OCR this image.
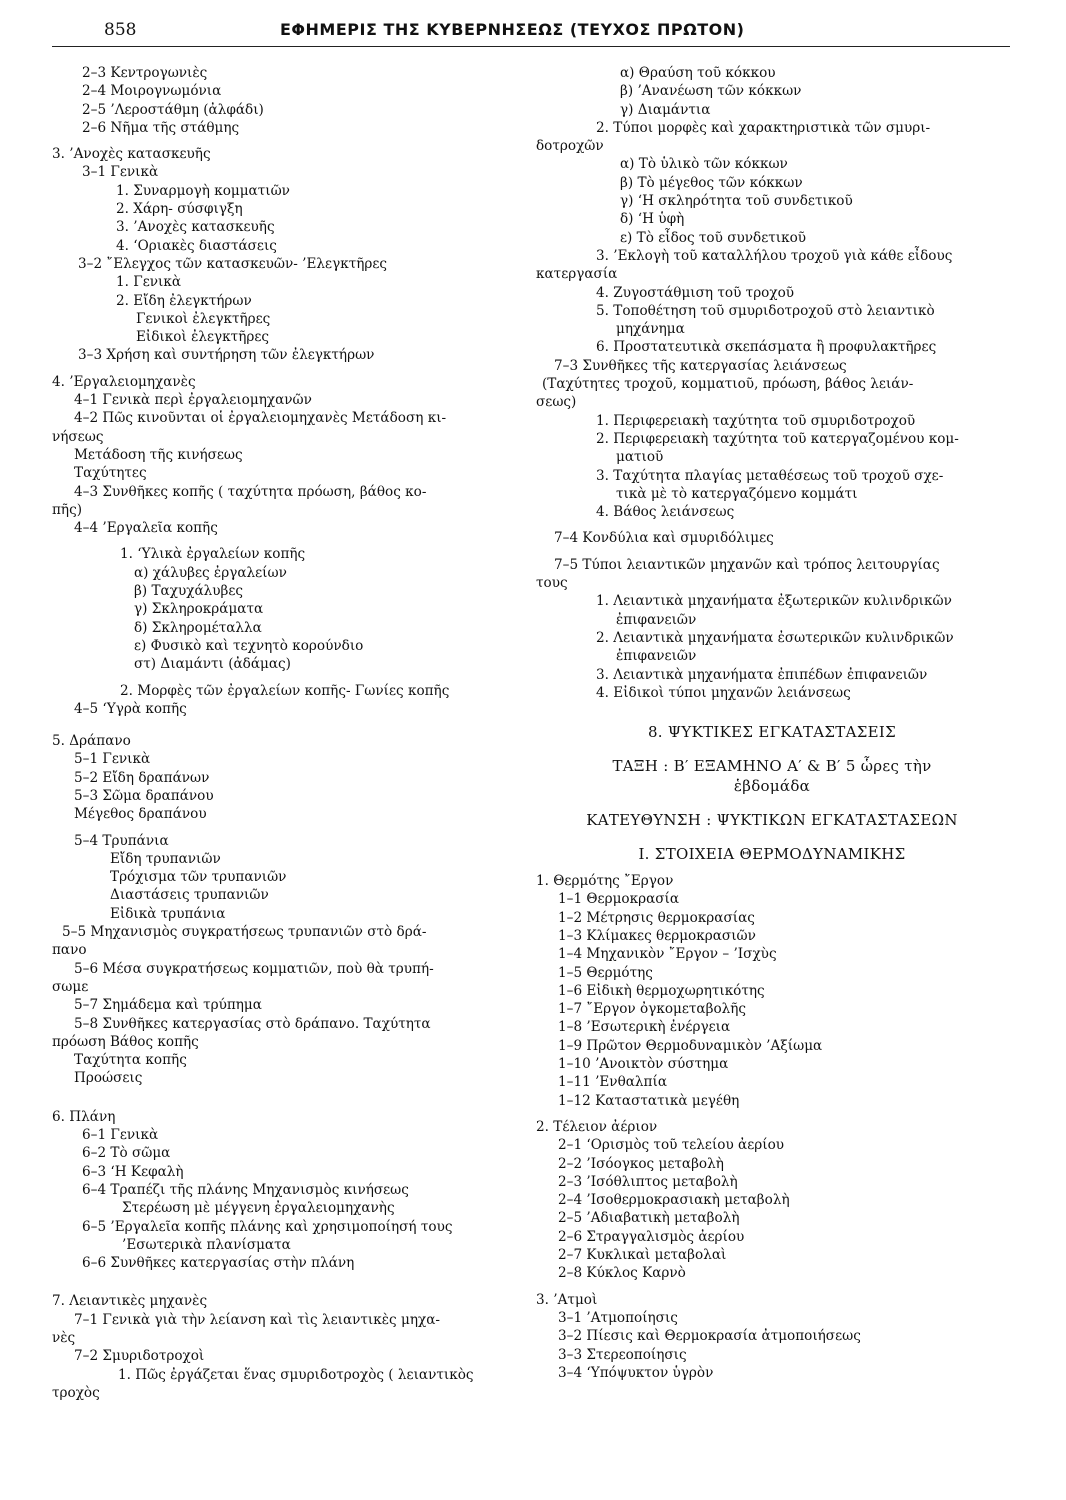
858	ΕΦΗΜΕΡΙΣ ΤΗΣ ΚΥΒΕΡΝΗΣΕΩΣ (ΤΕΥΧΟΣ ΠΡΩΤΟΝ)
2–3 Κεντρογωνιὲς
2–4 Μοιρογνωμόνια
2–5 ’Λεροστάθμη (ἀλφάδι)
2–6 Νῆμα τῆς στάθμης
3. ’Ανοχὲς κατασκευῆς
3–1 Γενικὰ
1. Συναρμογὴ κομματιῶν
2. Χάρη- σύσφιγξη
3. ’Ανοχὲς κατασκευῆς
4. ‘Οριακὲς διαστάσεις
3–2 ῎Ελεγχος τῶν κατασκευῶν- ’Ελεγκτῆρες
1. Γενικὰ
2. Εἴδη ἐλεγκτήρων
Γενικοὶ ἐλεγκτῆρες
Εἰδικοὶ ἐλεγκτῆρες
3–3 Χρήση καὶ συντήρηση τῶν ἐλεγκτήρων
4. ’Εργαλειομηχανὲς
4–1 Γενικὰ περὶ ἐργαλειομηχανῶν
4–2 Πῶς κινοῦνται οἱ ἐργαλειομηχανὲς Μετάδοση κι-
νήσεως
Μετάδοση τῆς κινήσεως
Ταχύτητες
4–3 Συνθῆκες κοπῆς ( ταχύτητα πρόωση, βάθος κο-
πῆς)
4–4 ’Εργαλεῖα κοπῆς
1. ‘Υλικὰ ἐργαλείων κοπῆς
α) χάλυβες ἐργαλείων
β) Ταχυχάλυβες
γ) Σκληροκράματα
δ) Σκληρομέταλλα
ε) Φυσικὸ καὶ τεχνητὸ κορούνδιο
στ) Διαμάντι (ἀδάμας)
2. Μορφὲς τῶν ἐργαλείων κοπῆς- Γωνίες κοπῆς
4–5 ‘Υγρὰ κοπῆς
5. Δράπανο
5–1 Γενικὰ
5–2 Εἴδη δραπάνων
5–3 Σῶμα δραπάνου
Μέγεθος δραπάνου
5–4 Τρυπάνια
Εἴδη τρυπανιῶν
Τρόχισμα τῶν τρυπανιῶν
Διαστάσεις τρυπανιῶν
Εἰδικὰ τρυπάνια
5–5 Μηχανισμὸς συγκρατήσεως τρυπανιῶν στὸ δρά-
πανο
5–6 Μέσα συγκρατήσεως κομματιῶν, ποὺ θὰ τρυπή-
σωμε
5–7 Σημάδεμα καὶ τρύπημα
5–8 Συνθῆκες κατεργασίας στὸ δράπανο. Ταχύτητα
πρόωση Βάθος κοπῆς
Ταχύτητα κοπῆς
Προώσεις
6. Πλάνη
6–1 Γενικὰ
6–2 Τὸ σῶμα
6–3 ‘Η Κεφαλὴ
6–4 Τραπέζι τῆς πλάνης Μηχανισμὸς κινήσεως
Στερέωση μὲ μέγγενη ἐργαλειομηχανὴς
6–5 ’Εργαλεῖα κοπῆς πλάνης καὶ χρησιμοποίησή τους
’Εσωτερικὰ πλανίσματα
6–6 Συνθῆκες κατεργασίας στὴν πλάνη
7. Λειαντικὲς μηχανὲς
7–1 Γενικὰ γιὰ τὴν λείανση καὶ τὶς λειαντικὲς μηχα-
νὲς
7–2 Σμυριδοτροχοὶ
1. Πῶς ἐργάζεται ἕνας σμυριδοτροχὸς ( λειαντικὸς
τροχὸς
α) Θραύση τοῦ κόκκου
β) ’Ανανέωση τῶν κόκκων
γ) Διαμάντια
2. Τύποι μορφὲς καὶ χαρακτηριστικὰ τῶν σμυρι-
δοτροχῶν
α) Τὸ ὑλικὸ τῶν κόκκων
β) Τὸ μέγεθος τῶν κόκκων
γ) ‘Η σκληρότητα τοῦ συνδετικοῦ
δ) ‘Η ὑφὴ
ε) Τὸ εἶδος τοῦ συνδετικοῦ
3. ’Εκλογὴ τοῦ καταλλήλου τροχοῦ γιὰ κάθε εἶδους
κατεργασία
4. Ζυγοστάθμιση τοῦ τροχοῦ
5. Τοποθέτηση τοῦ σμυριδοτροχοῦ στὸ λειαντικὸ
μηχάνημα
6. Προστατευτικὰ σκεπάσματα ἢ προφυλακτῆρες
7–3 Συνθῆκες τῆς κατεργασίας λειάνσεως
(Ταχύτητες τροχοῦ, κομματιοῦ, πρόωση, βάθος λειάν-
σεως)
1. Περιφερειακὴ ταχύτητα τοῦ σμυριδοτροχοῦ
2. Περιφερειακὴ ταχύτητα τοῦ κατεργαζομένου κομ-
ματιοῦ
3. Ταχύτητα πλαγίας μεταθέσεως τοῦ τροχοῦ σχε-
τικὰ μὲ τὸ κατεργαζόμενο κομμάτι
4. Βάθος λειάνσεως
7–4 Κονδύλια καὶ σμυριδόλιμες
7–5 Τύποι λειαντικῶν μηχανῶν καὶ τρόπος λειτουργίας
τους
1. Λειαντικὰ μηχανήματα ἐξωτερικῶν κυλινδρικῶν
ἐπιφανειῶν
2. Λειαντικὰ μηχανήματα ἐσωτερικῶν κυλινδρικῶν
ἐπιφανειῶν
3. Λειαντικὰ μηχανήματα ἐπιπέδων ἐπιφανειῶν
4. Εἰδικοὶ τύποι μηχανῶν λειάνσεως
8. ΨΥΚΤΙΚΕΣ ΕΓΚΑΤΑΣΤΑΣΕΙΣ
ΤΑΞΗ : Β′ ΕΞΑΜΗΝΟ Α′ & Β′ 5 ὧρες τὴν
ἑβδομάδα
ΚΑΤΕΥΘΥΝΣΗ : ΨΥΚΤΙΚΩΝ ΕΓΚΑΤΑΣΤΑΣΕΩΝ
Ι. ΣΤΟΙΧΕΙΑ ΘΕΡΜΟΔΥΝΑΜΙΚΗΣ
1. Θερμότης ῎Εργον
1–1 Θερμοκρασία
1–2 Μέτρησις θερμοκρασίας
1–3 Κλίμακες θερμοκρασιῶν
1–4 Μηχανικὸν ῎Εργον – ’Ισχὺς
1–5 Θερμότης
1–6 Εἰδικὴ θερμοχωρητικότης
1–7 ῎Εργον ὀγκομεταβολῆς
1–8 ’Εσωτερικὴ ἐνέργεια
1–9 Πρῶτον Θερμοδυναμικὸν ’Αξίωμα
1–10 ’Ανοικτὸν σύστημα
1–11 ’Ενθαλπία
1–12 Καταστατικὰ μεγέθη
2. Τέλειον ἀέριον
2–1 ‘Ορισμὸς τοῦ τελείου ἀερίου
2–2 ’Ισόογκος μεταβολὴ
2–3 ’Ισόθλιπτος μεταβολὴ
2–4 ’Ισοθερμοκρασιακὴ μεταβολὴ
2–5 ’Αδιαβατικὴ μεταβολὴ
2–6 Στραγγαλισμὸς ἀερίου
2–7 Κυκλικαὶ μεταβολαὶ
2–8 Κύκλος Καρνὸ
3. ’Ατμοὶ
3–1 ’Ατμοποίησις
3–2 Πίεσις καὶ Θερμοκρασία ἀτμοποιήσεως
3–3 Στερεοποίησις
3–4 ‘Υπόψυκτον ὑγρὸν
